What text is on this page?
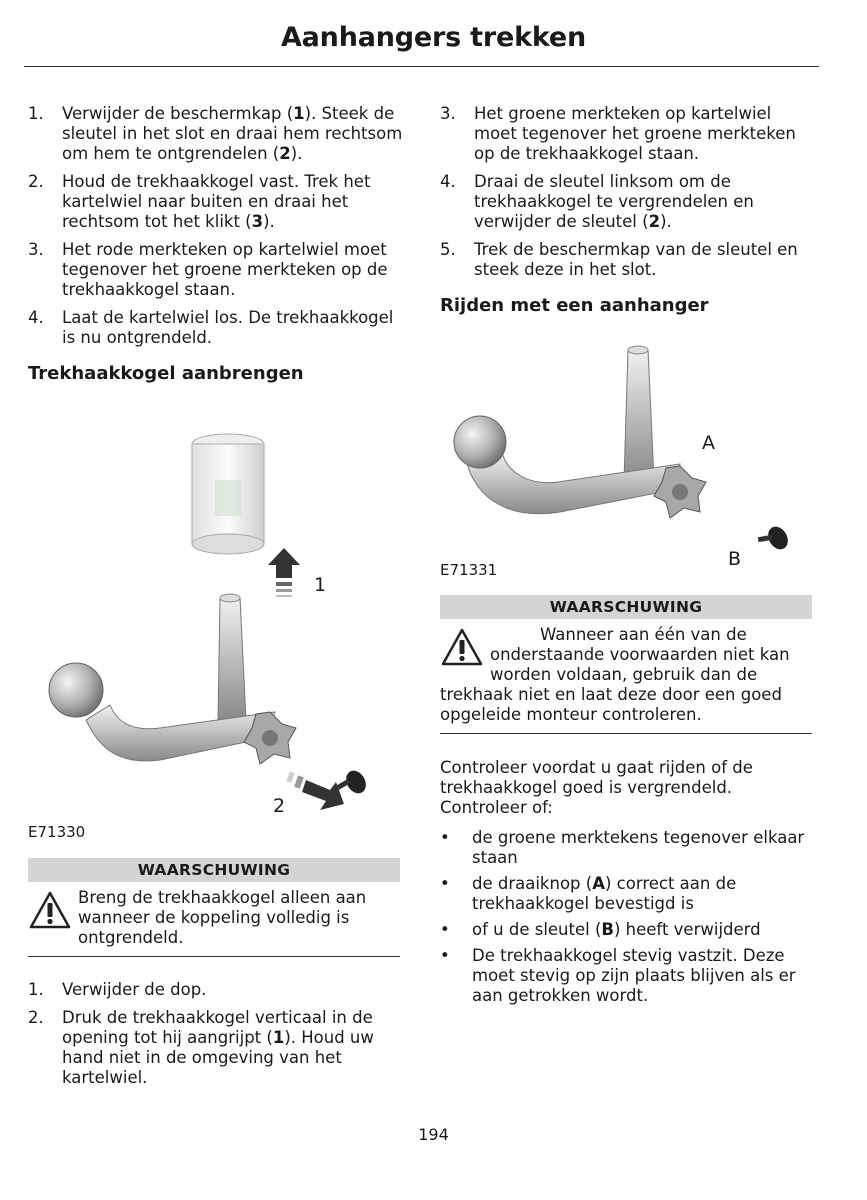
Aanhangers trekken
1. Verwijder de beschermkap (1). Steek de sleutel in het slot en draai hem rechtsom om hem te ontgrendelen (2).
2. Houd de trekhaakkogel vast. Trek het kartelwiel naar buiten en draai het rechtsom tot het klikt (3).
3. Het rode merkteken op kartelwiel moet tegenover het groene merkteken op de trekhaakkogel staan.
4. Laat de kartelwiel los. De trekhaakkogel is nu ontgrendeld.

Trekhaakkogel aanbrengen

1
2
E71330
WAARSCHUWING
Breng de trekhaakkogel alleen aan wanneer de koppeling volledig is ontgrendeld.
1. Verwijder de dop.
2. Druk de trekhaakkogel verticaal in de opening tot hij aangrijpt (1). Houd uw hand niet in de omgeving van het kartelwiel.
3. Het groene merkteken op kartelwiel moet tegenover het groene merkteken op de trekhaakkogel staan.
4. Draai de sleutel linksom om de trekhaakkogel te vergrendelen en verwijder de sleutel (2).
5. Trek de beschermkap van de sleutel en steek deze in het slot.

Rijden met een aanhanger

A
B
E71331
WAARSCHUWING
Wanneer aan één van de onderstaande voorwaarden niet kan worden voldaan, gebruik dan de trekhaak niet en laat deze door een goed opgeleide monteur controleren.

Controleer voordat u gaat rijden of de trekhaakkogel goed is vergrendeld. Controleer of:

• de groene merktekens tegenover elkaar staan
• de draaiknop (A) correct aan de trekhaakkogel bevestigd is
• of u de sleutel (B) heeft verwijderd
• De trekhaakkogel stevig vastzit. Deze moet stevig op zijn plaats blijven als er aan getrokken wordt.
194
